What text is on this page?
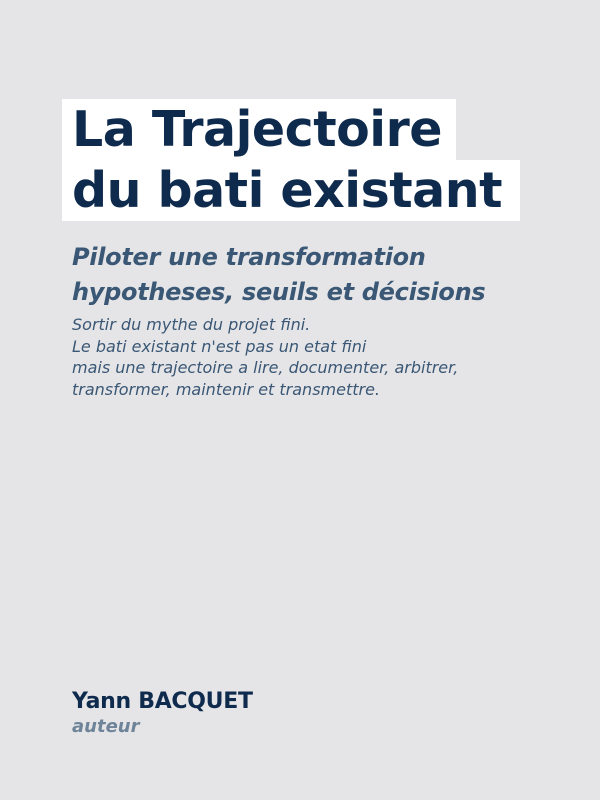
La Trajectoire
du bati existant
Piloter une transformation
hypotheses, seuils et décisions
Sortir du mythe du projet fini.
Le bati existant n'est pas un etat fini
mais une trajectoire a lire, documenter, arbitrer,
transformer, maintenir et transmettre.
Yann BACQUET
auteur
